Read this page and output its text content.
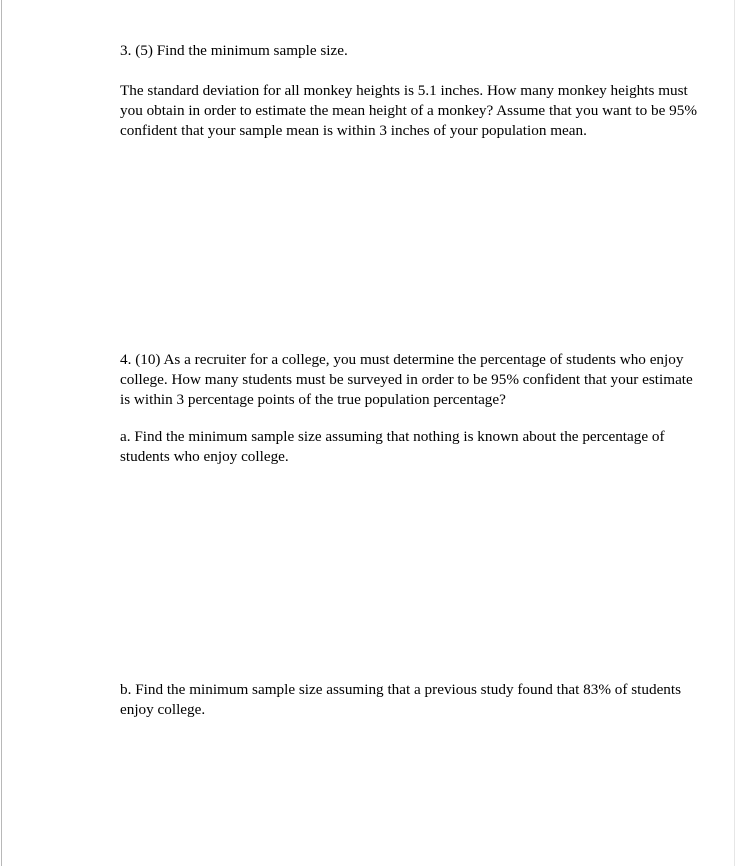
3. (5) Find the minimum sample size.

The standard deviation for all monkey heights is 5.1 inches. How many monkey heights must you obtain in order to estimate the mean height of a monkey? Assume that you want to be 95% confident that your sample mean is within 3 inches of your population mean.

4. (10) As a recruiter for a college, you must determine the percentage of students who enjoy college. How many students must be surveyed in order to be 95% confident that your estimate is within 3 percentage points of the true population percentage?

a. Find the minimum sample size assuming that nothing is known about the percentage of students who enjoy college.

b. Find the minimum sample size assuming that a previous study found that 83% of students enjoy college.
